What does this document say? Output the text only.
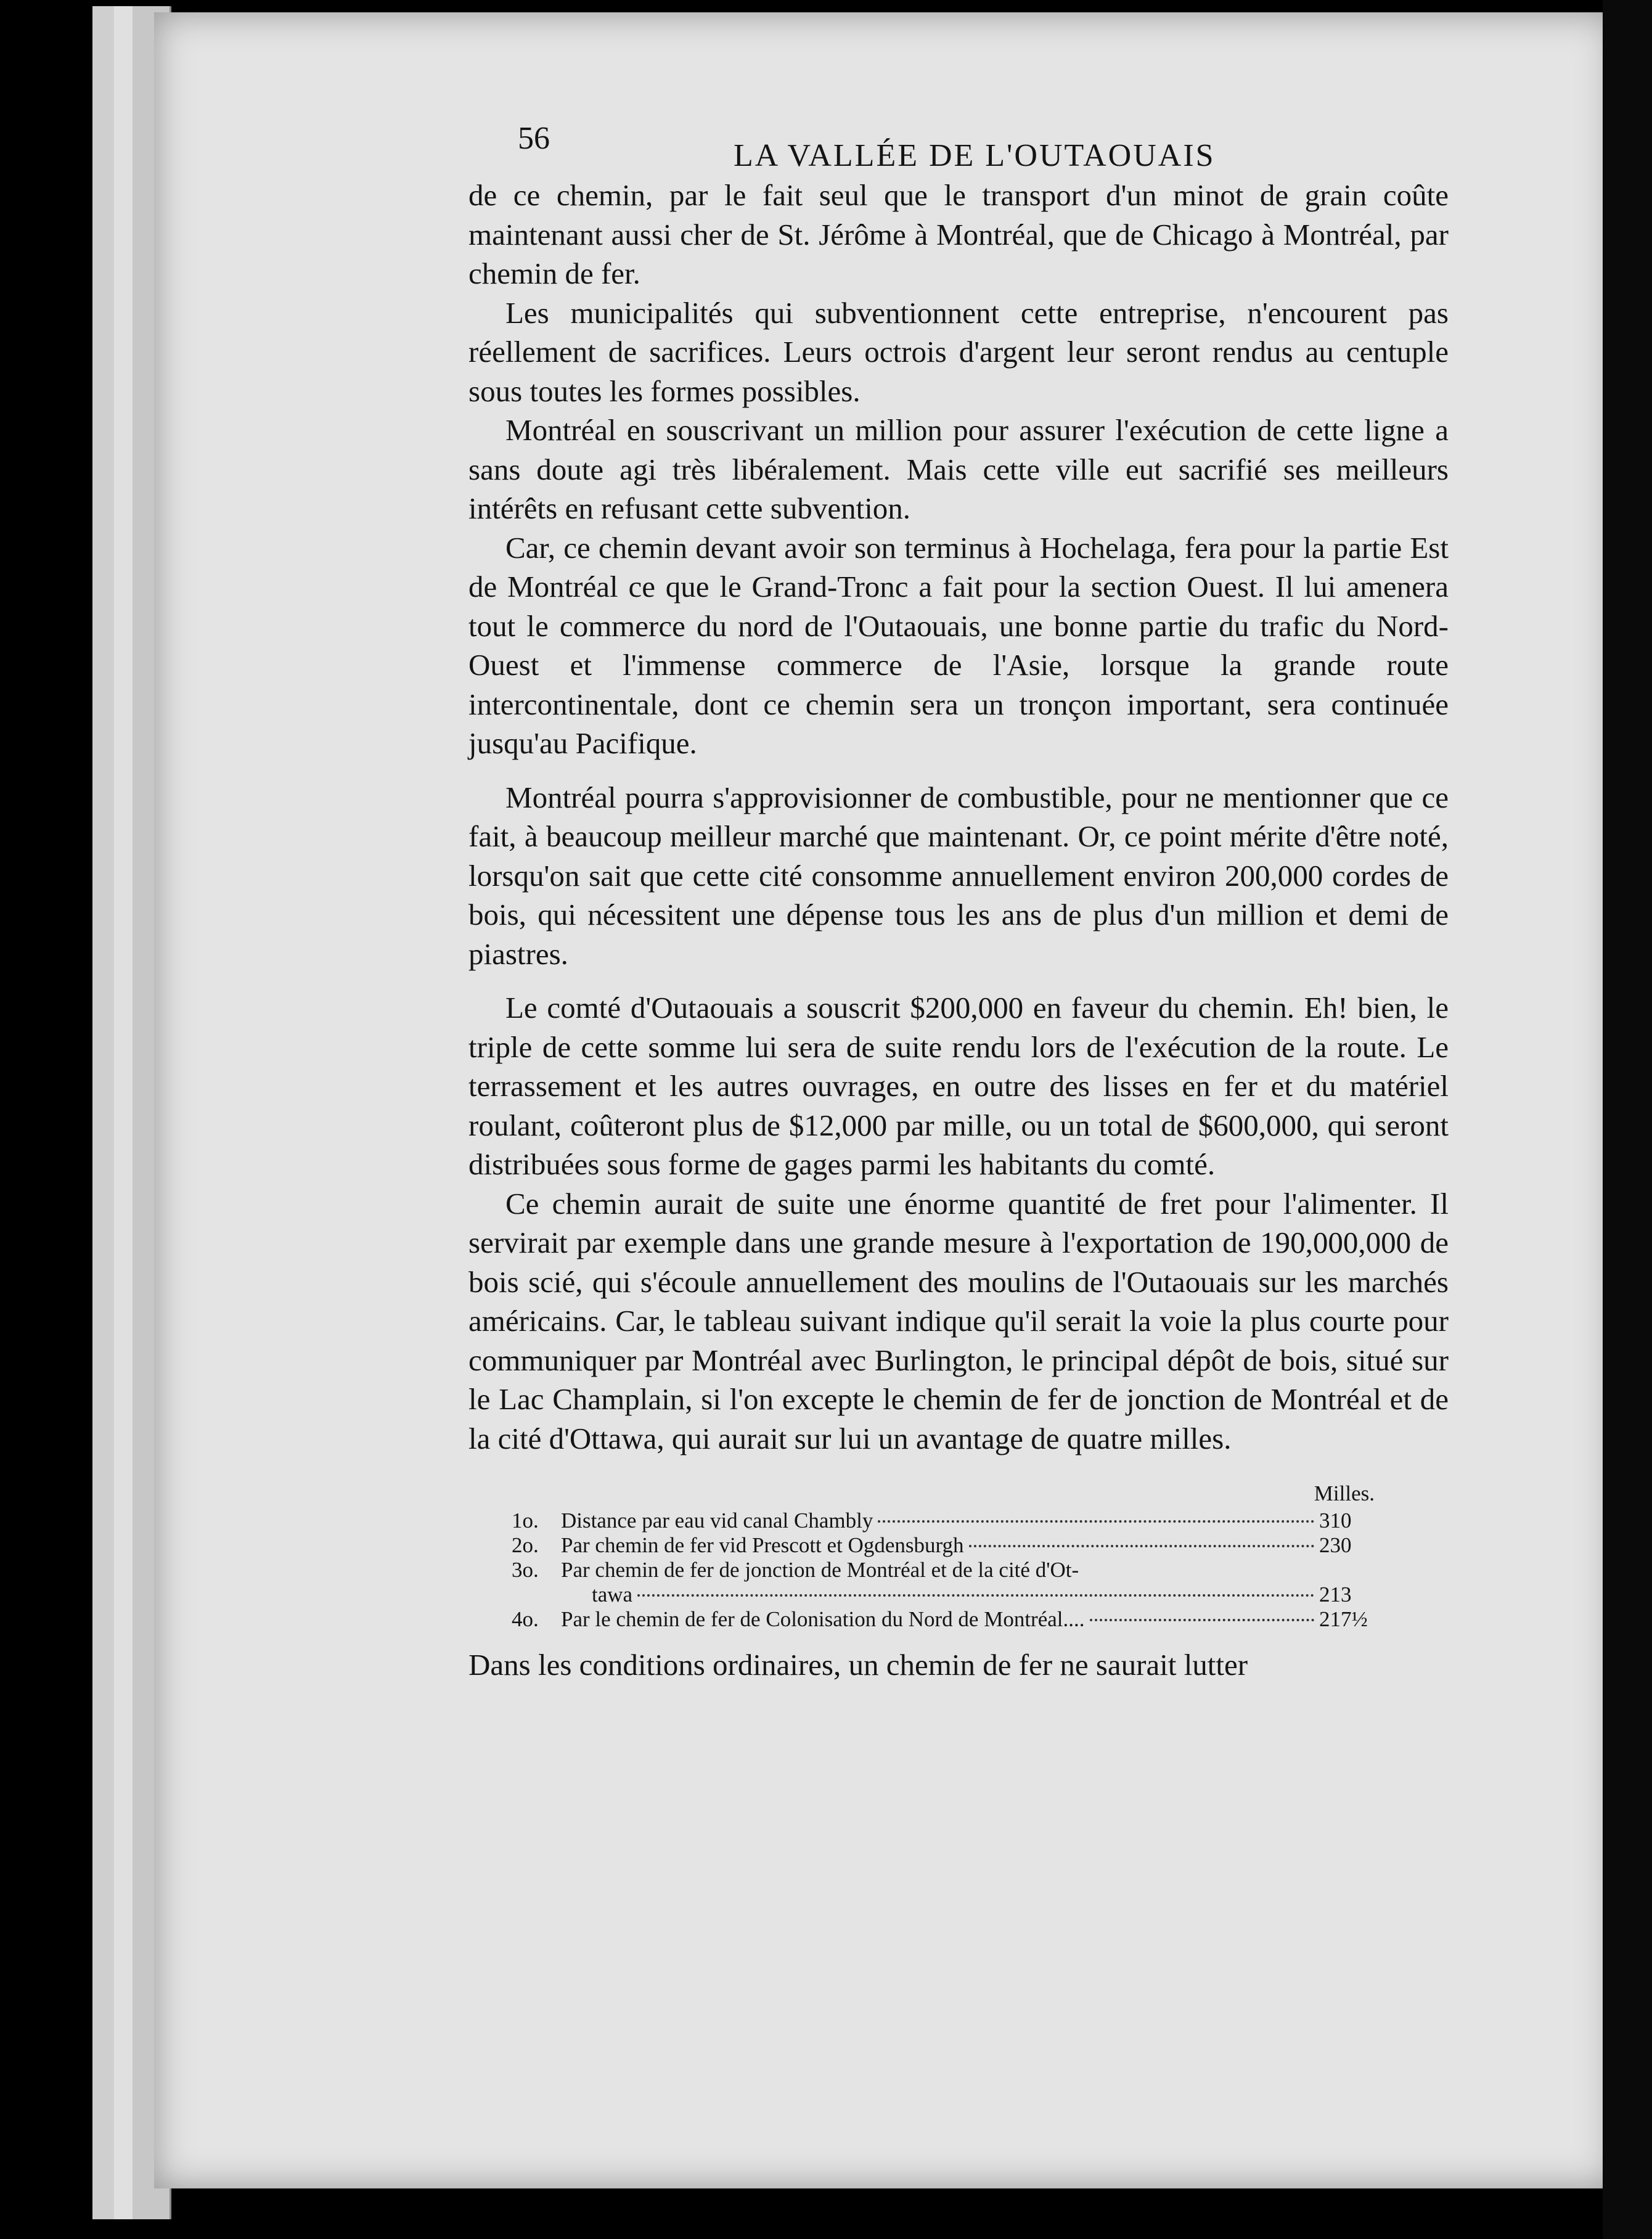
56	LA VALLÉE DE L'OUTAOUAIS

de ce chemin, par le fait seul que le transport d'un minot de grain coûte maintenant aussi cher de St. Jérôme à Montréal, que de Chicago à Montréal, par chemin de fer.

Les municipalités qui subventionnent cette entreprise, n'encourent pas réellement de sacrifices. Leurs octrois d'argent leur seront rendus au centuple sous toutes les formes possibles.

Montréal en souscrivant un million pour assurer l'exécution de cette ligne a sans doute agi très libéralement. Mais cette ville eut sacrifié ses meilleurs intérêts en refusant cette subvention.

Car, ce chemin devant avoir son terminus à Hochelaga, fera pour la partie Est de Montréal ce que le Grand-Tronc a fait pour la section Ouest. Il lui amenera tout le commerce du nord de l'Outaouais, une bonne partie du trafic du Nord-Ouest et l'immense commerce de l'Asie, lorsque la grande route intercontinentale, dont ce chemin sera un tronçon important, sera continuée jusqu'au Pacifique.

Montréal pourra s'approvisionner de combustible, pour ne mentionner que ce fait, à beaucoup meilleur marché que maintenant. Or, ce point mérite d'être noté, lorsqu'on sait que cette cité consomme annuellement environ 200,000 cordes de bois, qui nécessitent une dépense tous les ans de plus d'un million et demi de piastres.

Le comté d'Outaouais a souscrit $200,000 en faveur du chemin. Eh! bien, le triple de cette somme lui sera de suite rendu lors de l'exécution de la route. Le terrassement et les autres ouvrages, en outre des lisses en fer et du matériel roulant, coûteront plus de $12,000 par mille, ou un total de $600,000, qui seront distribuées sous forme de gages parmi les habitants du comté.

Ce chemin aurait de suite une énorme quantité de fret pour l'alimenter. Il servirait par exemple dans une grande mesure à l'exportation de 190,000,000 de bois scié, qui s'écoule annuellement des moulins de l'Outaouais sur les marchés américains. Car, le tableau suivant indique qu'il serait la voie la plus courte pour communiquer par Montréal avec Burlington, le principal dépôt de bois, situé sur le Lac Champlain, si l'on excepte le chemin de fer de jonction de Montréal et de la cité d'Ottawa, qui aurait sur lui un avantage de quatre milles.

Milles.
1o.	Distance par eau vid canal Chambly	310
2o.	Par chemin de fer vid Prescott et Ogdensburgh	230
3o.	Par chemin de fer de jonction de Montréal et de la cité d'Ot-
tawa	213
4o.	Par le chemin de fer de Colonisation du Nord de Montréal....	217½

Dans les conditions ordinaires, un chemin de fer ne saurait lutter
